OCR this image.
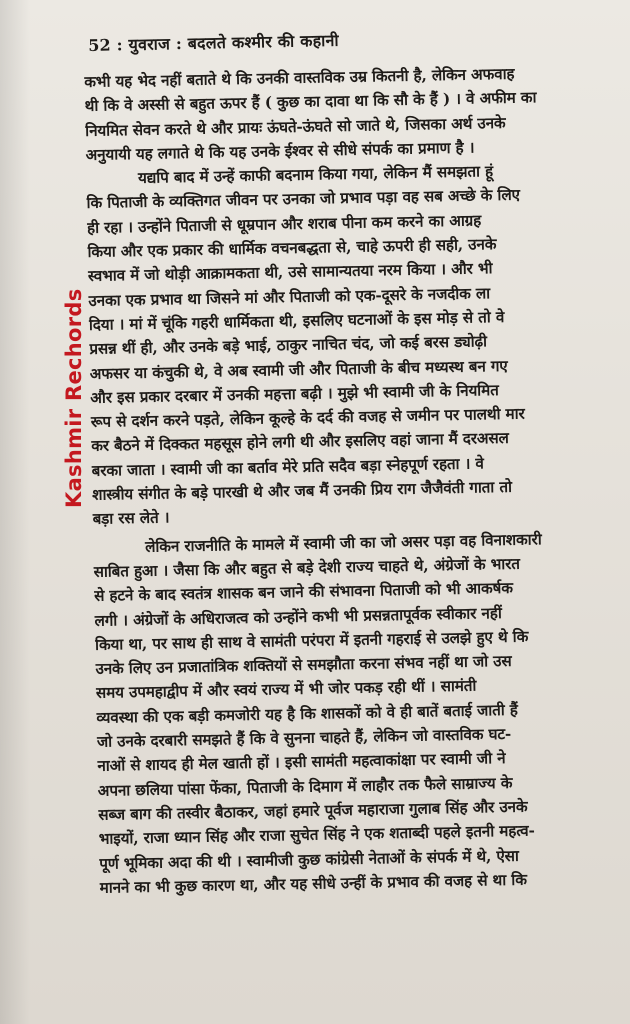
52 : युवराज : बदलते कश्मीर की कहानी
कभी यह भेद नहीं बताते थे कि उनकी वास्तविक उम्र कितनी है, लेकिन अफवाह
थी कि वे अस्सी से बहुत ऊपर हैं ( कुछ का दावा था कि सौ के हैं ) । वे अफीम का
नियमित सेवन करते थे और प्रायः ऊंघते-ऊंघते सो जाते थे, जिसका अर्थ उनके
अनुयायी यह लगाते थे कि यह उनके ईश्वर से सीधे संपर्क का प्रमाण है ।
यद्यपि बाद में उन्हें काफी बदनाम किया गया, लेकिन मैं समझता हूं
कि पिताजी के व्यक्तिगत जीवन पर उनका जो प्रभाव पड़ा वह सब अच्छे के लिए
ही रहा । उन्होंने पिताजी से धूम्रपान और शराब पीना कम करने का आग्रह
किया और एक प्रकार की धार्मिक वचनबद्धता से, चाहे ऊपरी ही सही, उनके
स्वभाव में जो थोड़ी आक्रामकता थी, उसे सामान्यतया नरम किया । और भी
उनका एक प्रभाव था जिसने मां और पिताजी को एक-दूसरे के नजदीक ला
दिया । मां में चूंकि गहरी धार्मिकता थी, इसलिए घटनाओं के इस मोड़ से तो वे
प्रसन्न थीं ही, और उनके बड़े भाई, ठाकुर नाचित चंद, जो कई बरस ड्योढ़ी
अफसर या कंचुकी थे, वे अब स्वामी जी और पिताजी के बीच मध्यस्थ बन गए
और इस प्रकार दरबार में उनकी महत्ता बढ़ी । मुझे भी स्वामी जी के नियमित
रूप से दर्शन करने पड़ते, लेकिन कूल्हे के दर्द की वजह से जमीन पर पालथी मार
कर बैठने में दिक्कत महसूस होने लगी थी और इसलिए वहां जाना मैं दरअसल
बरका जाता । स्वामी जी का बर्ताव मेरे प्रति सदैव बड़ा स्नेहपूर्ण रहता । वे
शास्त्रीय संगीत के बड़े पारखी थे और जब मैं उनकी प्रिय राग जैजैवंती गाता तो
बड़ा रस लेते ।
लेकिन राजनीति के मामले में स्वामी जी का जो असर पड़ा वह विनाशकारी
साबित हुआ । जैसा कि और बहुत से बड़े देशी राज्य चाहते थे, अंग्रेजों के भारत
से हटने के बाद स्वतंत्र शासक बन जाने की संभावना पिताजी को भी आकर्षक
लगी । अंग्रेजों के अधिराजत्व को उन्होंने कभी भी प्रसन्नतापूर्वक स्वीकार नहीं
किया था, पर साथ ही साथ वे सामंती परंपरा में इतनी गहराई से उलझे हुए थे कि
उनके लिए उन प्रजातांत्रिक शक्तियों से समझौता करना संभव नहीं था जो उस
समय उपमहाद्वीप में और स्वयं राज्य में भी जोर पकड़ रही थीं । सामंती
व्यवस्था की एक बड़ी कमजोरी यह है कि शासकों को वे ही बातें बताई जाती हैं
जो उनके दरबारी समझते हैं कि वे सुनना चाहते हैं, लेकिन जो वास्तविक घट-
नाओं से शायद ही मेल खाती हों । इसी सामंती महत्वाकांक्षा पर स्वामी जी ने
अपना छलिया पांसा फेंका, पिताजी के दिमाग में लाहौर तक फैले साम्राज्य के
सब्ज बाग की तस्वीर बैठाकर, जहां हमारे पूर्वज महाराजा गुलाब सिंह और उनके
भाइयों, राजा ध्यान सिंह और राजा सुचेत सिंह ने एक शताब्दी पहले इतनी महत्व-
पूर्ण भूमिका अदा की थी । स्वामीजी कुछ कांग्रेसी नेताओं के संपर्क में थे, ऐसा
मानने का भी कुछ कारण था, और यह सीधे उन्हीं के प्रभाव की वजह से था कि
Kashmir Rechords
